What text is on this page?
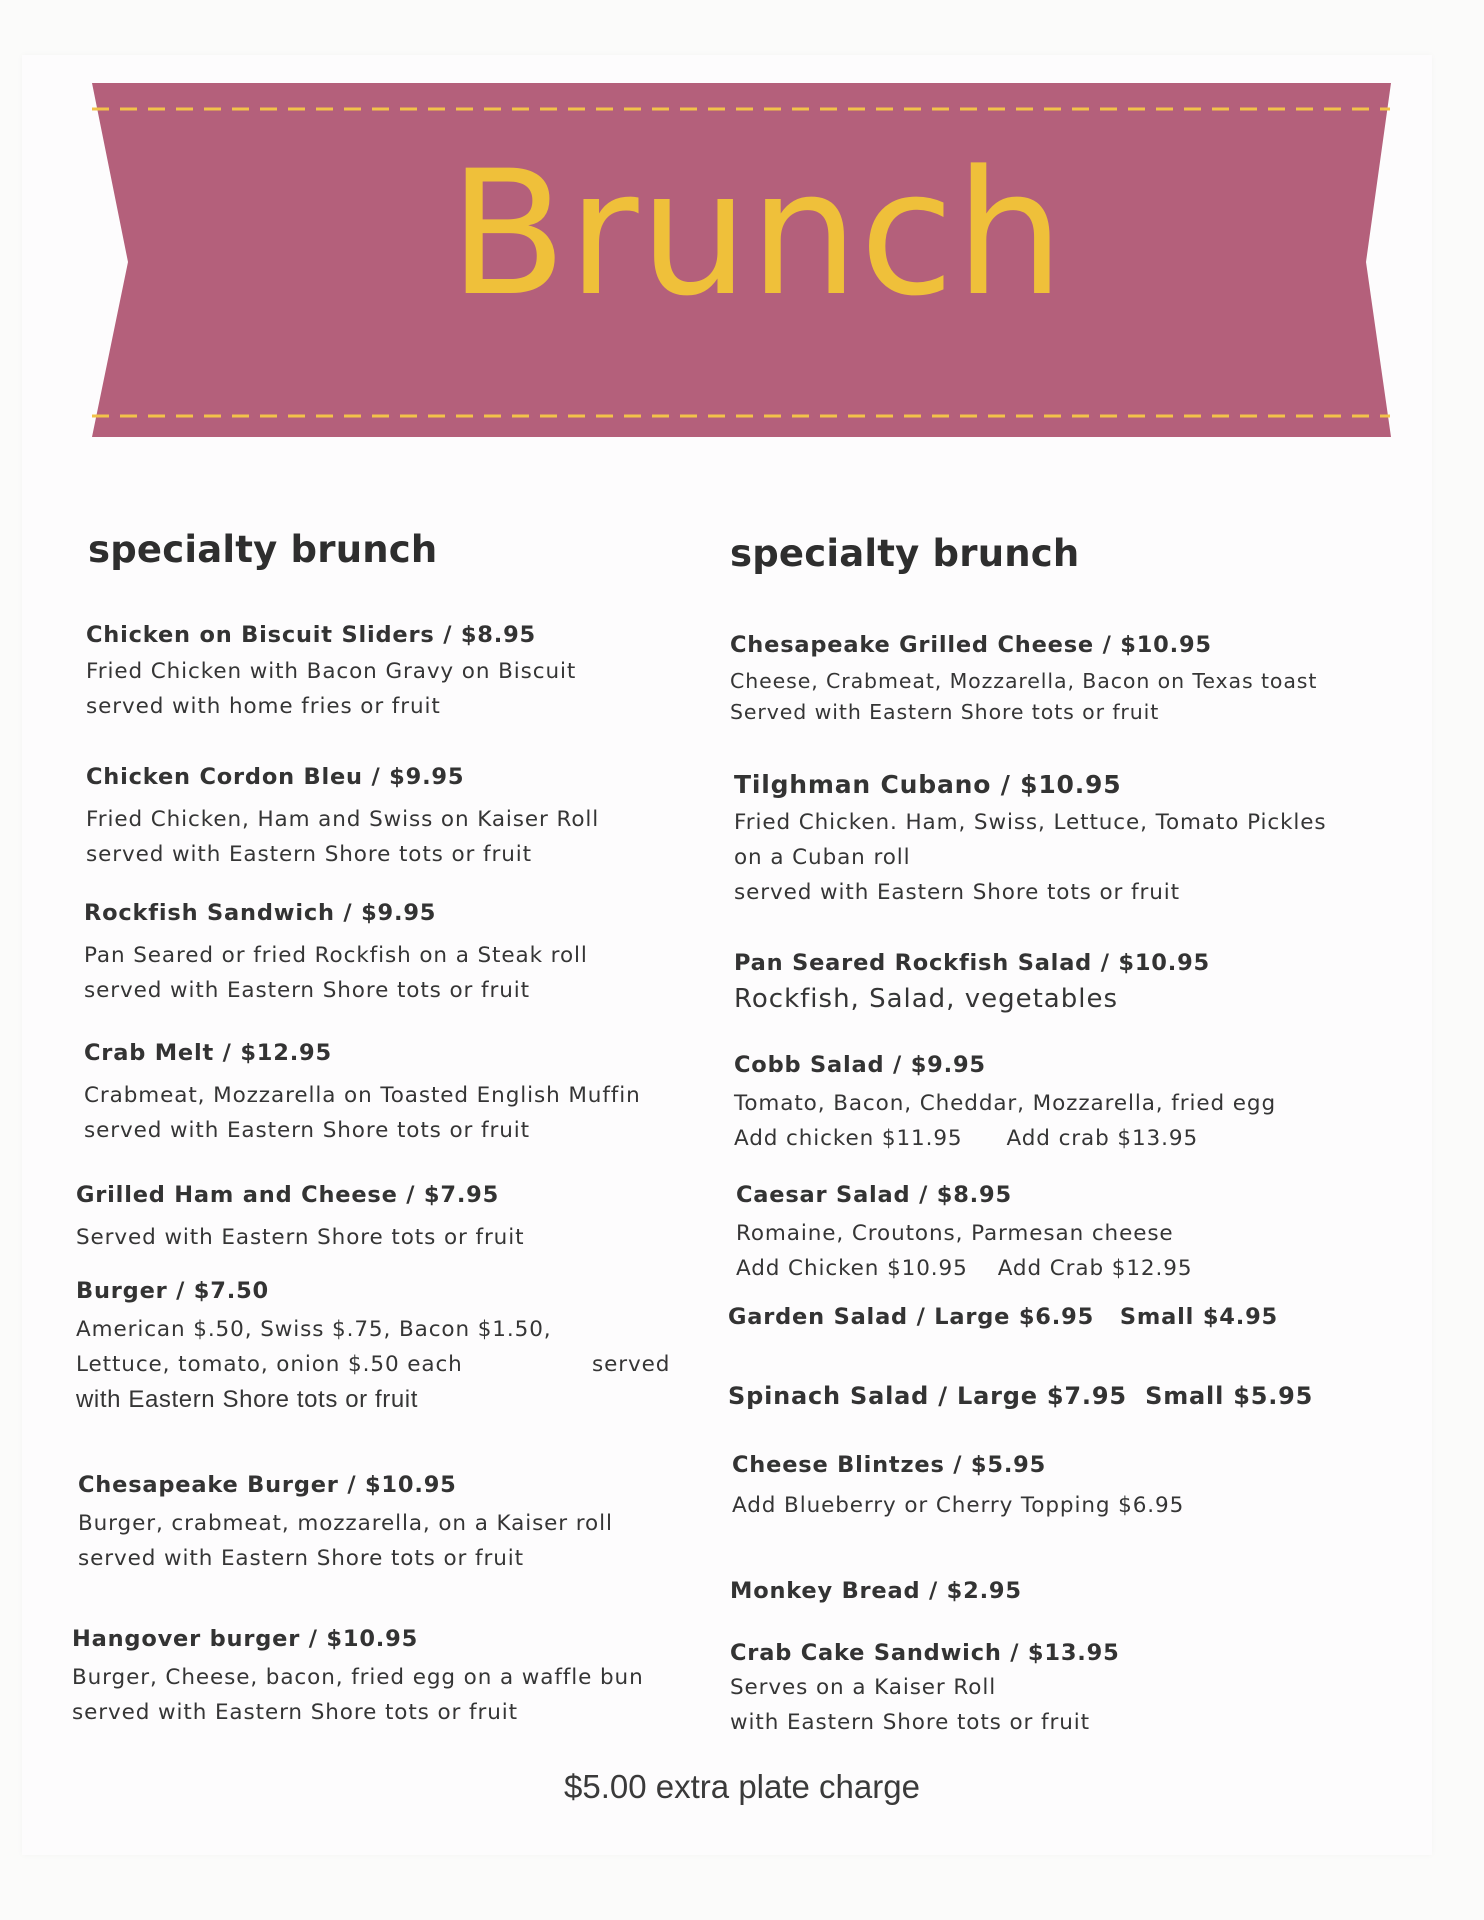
Brunch
specialty brunch
Chicken on Biscuit Sliders / $8.95
Fried Chicken with Bacon Gravy on Biscuit
served with home fries or fruit
Chicken Cordon Bleu / $9.95
Fried Chicken, Ham and Swiss on Kaiser Roll
served with Eastern Shore tots or fruit
Rockfish Sandwich / $9.95
Pan Seared or fried Rockfish on a Steak roll
served with Eastern Shore tots or fruit
Crab Melt / $12.95
Crabmeat, Mozzarella on Toasted English Muffin
served with Eastern Shore tots or fruit
Grilled Ham and Cheese / $7.95
Served with Eastern Shore tots or fruit
Burger / $7.50
American $.50, Swiss $.75, Bacon $1.50,
Lettuce, tomato, onion $.50 each	served
with Eastern Shore tots or fruit
Chesapeake Burger / $10.95
Burger, crabmeat, mozzarella, on a Kaiser roll
served with Eastern Shore tots or fruit
Hangover burger / $10.95
Burger, Cheese, bacon, fried egg on a waffle bun
served with Eastern Shore tots or fruit
specialty brunch
Chesapeake Grilled Cheese / $10.95
Cheese, Crabmeat, Mozzarella, Bacon on Texas toast
Served with Eastern Shore tots or fruit
Tilghman Cubano / $10.95
Fried Chicken. Ham, Swiss, Lettuce, Tomato Pickles
on a Cuban roll
served with Eastern Shore tots or fruit
Pan Seared Rockfish Salad / $10.95
Rockfish, Salad, vegetables
Cobb Salad / $9.95
Tomato, Bacon, Cheddar, Mozzarella, fried egg
Add chicken $11.95 Add crab $13.95
Caesar Salad / $8.95
Romaine, Croutons, Parmesan cheese
Add Chicken $10.95 Add Crab $12.95
Garden Salad / Large $6.95   Small $4.95
Spinach Salad / Large $7.95  Small $5.95
Cheese Blintzes / $5.95
Add Blueberry or Cherry Topping $6.95
Monkey Bread / $2.95
Crab Cake Sandwich / $13.95
Serves on a Kaiser Roll
with Eastern Shore tots or fruit
$5.00 extra plate charge
